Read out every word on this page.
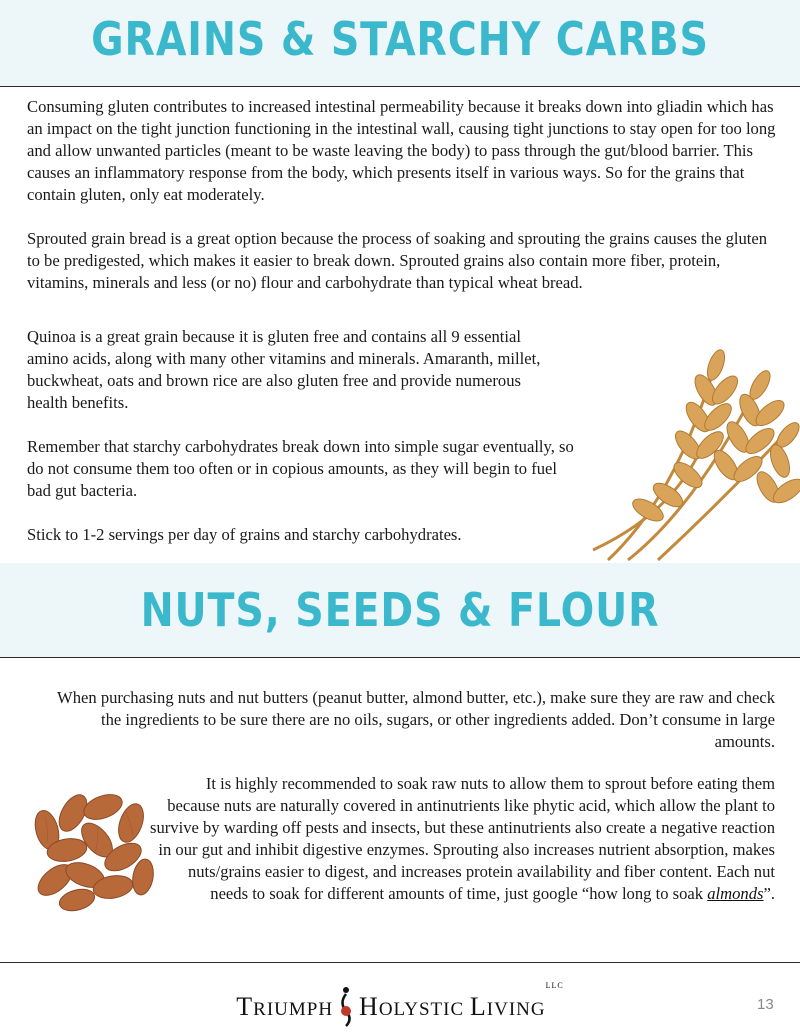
GRAINS & STARCHY CARBS

Consuming gluten contributes to increased intestinal permeability because it breaks down into gliadin which has an impact on the tight junction functioning in the intestinal wall, causing tight junctions to stay open for too long and allow unwanted particles (meant to be waste leaving the body) to pass through the gut/blood barrier. This causes an inflammatory response from the body, which presents itself in various ways. So for the grains that contain gluten, only eat moderately.

Sprouted grain bread is a great option because the process of soaking and sprouting the grains causes the gluten to be predigested, which makes it easier to break down. Sprouted grains also contain more fiber, protein, vitamins, minerals and less (or no) flour and carbohydrate than typical wheat bread.

Quinoa is a great grain because it is gluten free and contains all 9 essential amino acids, along with many other vitamins and minerals. Amaranth, millet, buckwheat, oats and brown rice are also gluten free and provide numerous health benefits.

Remember that starchy carbohydrates break down into simple sugar eventually, so do not consume them too often or in copious amounts, as they will begin to fuel bad gut bacteria.

Stick to 1-2 servings per day of grains and starchy carbohydrates.

NUTS, SEEDS & FLOUR

When purchasing nuts and nut butters (peanut butter, almond butter, etc.), make sure they are raw and check the ingredients to be sure there are no oils, sugars, or other ingredients added. Don’t consume in large amounts.

It is highly recommended to soak raw nuts to allow them to sprout before eating them because nuts are naturally covered in antinutrients like phytic acid, which allow the plant to survive by warding off pests and insects, but these antinutrients also create a negative reaction in our gut and inhibit digestive enzymes. Sprouting also increases nutrient absorption, makes nuts/grains easier to digest, and increases protein availability and fiber content. Each nut needs to soak for different amounts of time, just google “how long to soak almonds”.

TRIUMPH HOLYSTIC $LIVING^{LLC}$
13
